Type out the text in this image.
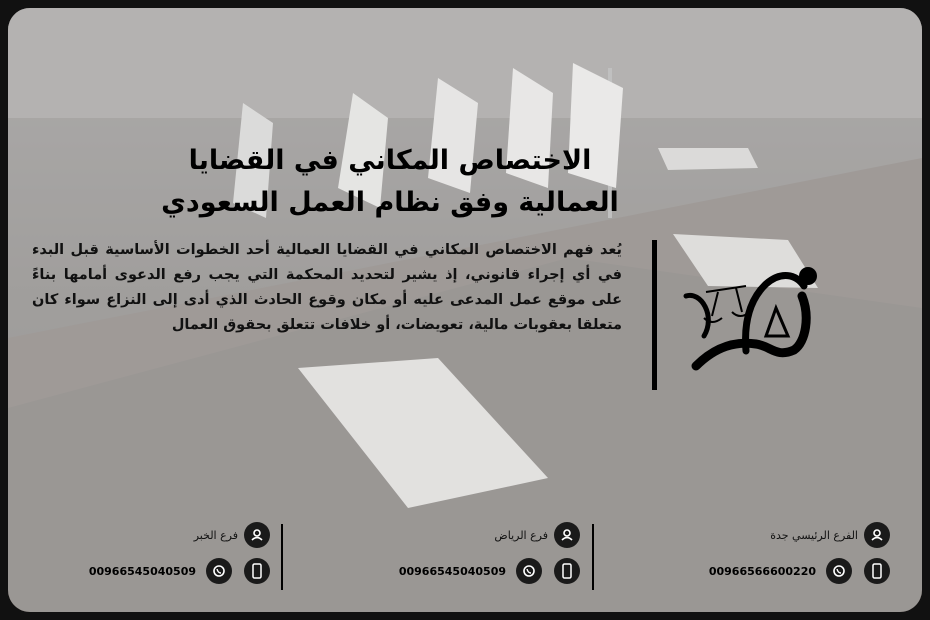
الاختصاص المكاني في القضايا العمالية وفق نظام العمل السعودي

يُعد فهم الاختصاص المكاني في القضايا العمالية أحد الخطوات الأساسية قبل البدء في أي إجراء قانوني، إذ يشير لتحديد المحكمة التي يجب رفع الدعوى أمامها بناءً على موقع عمل المدعى عليه أو مكان وقوع الحادث الذي أدى إلى النزاع سواء كان متعلقا بعقوبات مالية، تعويضات، أو خلافات تتعلق بحقوق العمال

الفرع الرئيسي جدة
00966566600220
فرع الرياض
00966545040509
فرع الخبر
00966545040509
